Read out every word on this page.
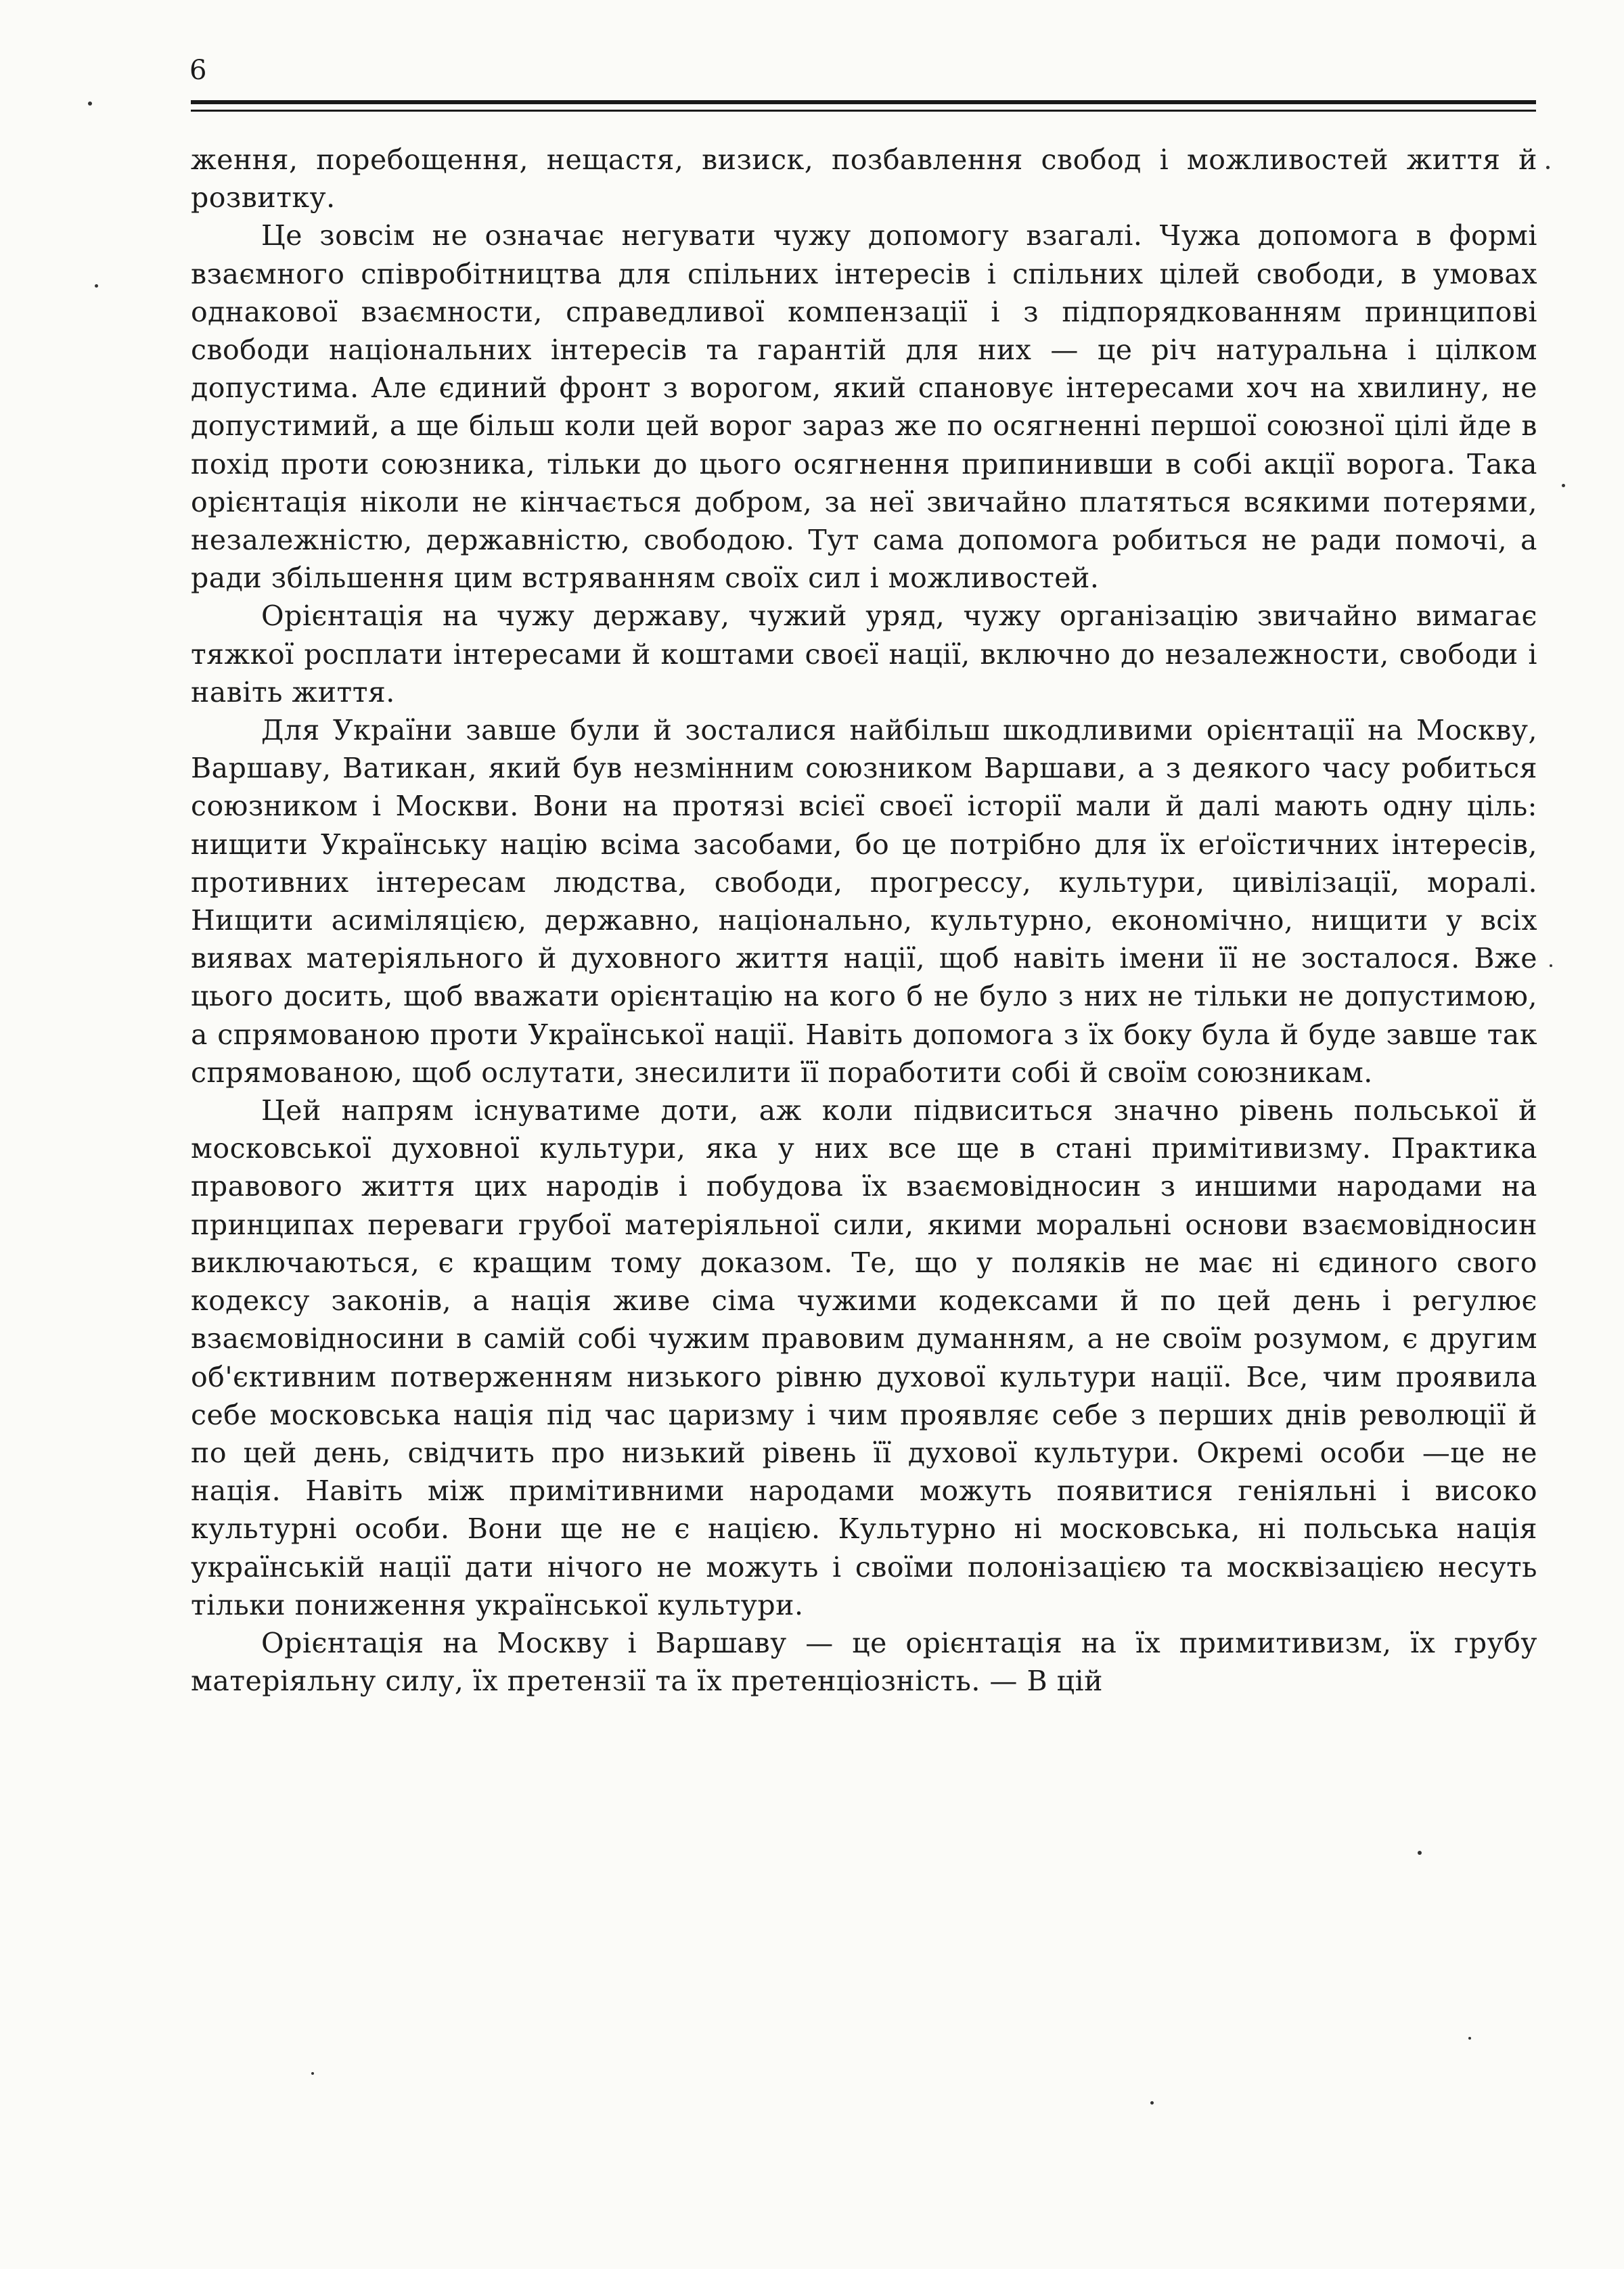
6

ження, поребощення, нещастя, визиск, позбавлення свобод і можливостей життя й розвитку.

Це зовсім не означає негувати чужу допомогу взагалі. Чужа допомога в формі взаємного співробітництва для спільних інтересів і спільних цілей свободи, в умовах однакової взаємности, справедливої компензації і з підпорядкованням принципові свободи національних інтересів та гарантій для них — це річ натуральна і цілком допустима. Але єдиний фронт з ворогом, який спановує інтересами хоч на хвилину, не допустимий, а ще більш коли цей ворог зараз же по осягненні першої союзної цілі йде в похід проти союзника, тільки до цього осягнення припинивши в собі акції ворога. Така орієнтація ніколи не кінчається добром, за неї звичайно платяться всякими потерями, незалежністю, державністю, свободою. Тут сама допомога робиться не ради помочі, а ради збільшення цим встрявaнням своїх сил і можливостей.

Орієнтація на чужу державу, чужий уряд, чужу організацію звичайно вимагає тяжкої росплати інтересами й коштами своєї нації, включно до незалежности, свободи і навіть життя.

Для України завше були й зосталися найбільш шкодливими орієнтації на Москву, Варшаву, Ватикан, який був незмінним союзником Варшави, а з деякого часу робиться союзником і Москви. Вони на протязі всієї своєї історії мали й далі мають одну ціль: нищити Українську націю всіма засобами, бо це потрібно для їх еґоїстичних інтересів, противних інтересам людства, свободи, прогрессу, культури, цивілізації, моралі. Нищити асиміляцією, державно, національно, культурно, економічно, нищити у всіх виявах матеріяльного й духовного життя нації, щоб навіть імени її не зосталося. Вже цього досить, щоб вважати орієнтацію на кого б не було з них не тільки не допустимою, а спрямованою проти Української нації. Навіть допомога з їх боку була й буде завше так спрямованою, щоб ослутати, знесилити її поработити собі й своїм союзникам.

Цей напрям існуватиме доти, аж коли підвиситься значно рівень польської й московської духовної культури, яка у них все ще в стані примітивизму. Практика правового життя цих народів і побудова їх взаємовідносин з иншими народами на принципах переваги грубої матеріяльної сили, якими моральні основи взаємовідносин виключаються, є кращим тому доказом. Те, що у поляків не має ні єдиного свого кодексу законів, а нація живе сіма чужими кодексами й по цей день і регулює взаємовідносини в самій собі чужим правовим думанням, а не своїм розумом, є другим об'єктивним потверженням низького рівню духової культури нації. Все, чим проявила себе московська нація під час царизму і чим проявляє себе з перших днів революції й по цей день, свідчить про низький рівень її духової культури. Окремі особи —це не нація. Навіть між примітивними народами можуть появитися геніяльні і високо культурні особи. Вони ще не є нацією. Культурно ні московська, ні польська нація українській нації дати нічого не можуть і своїми полонізацією та москвізацією несуть тільки пониження української культури.

Орієнтація на Москву і Варшаву — це орієнтація на їх примитивизм, їх грубу матеріяльну силу, їх претензії та їх претенціозність. — В цій
